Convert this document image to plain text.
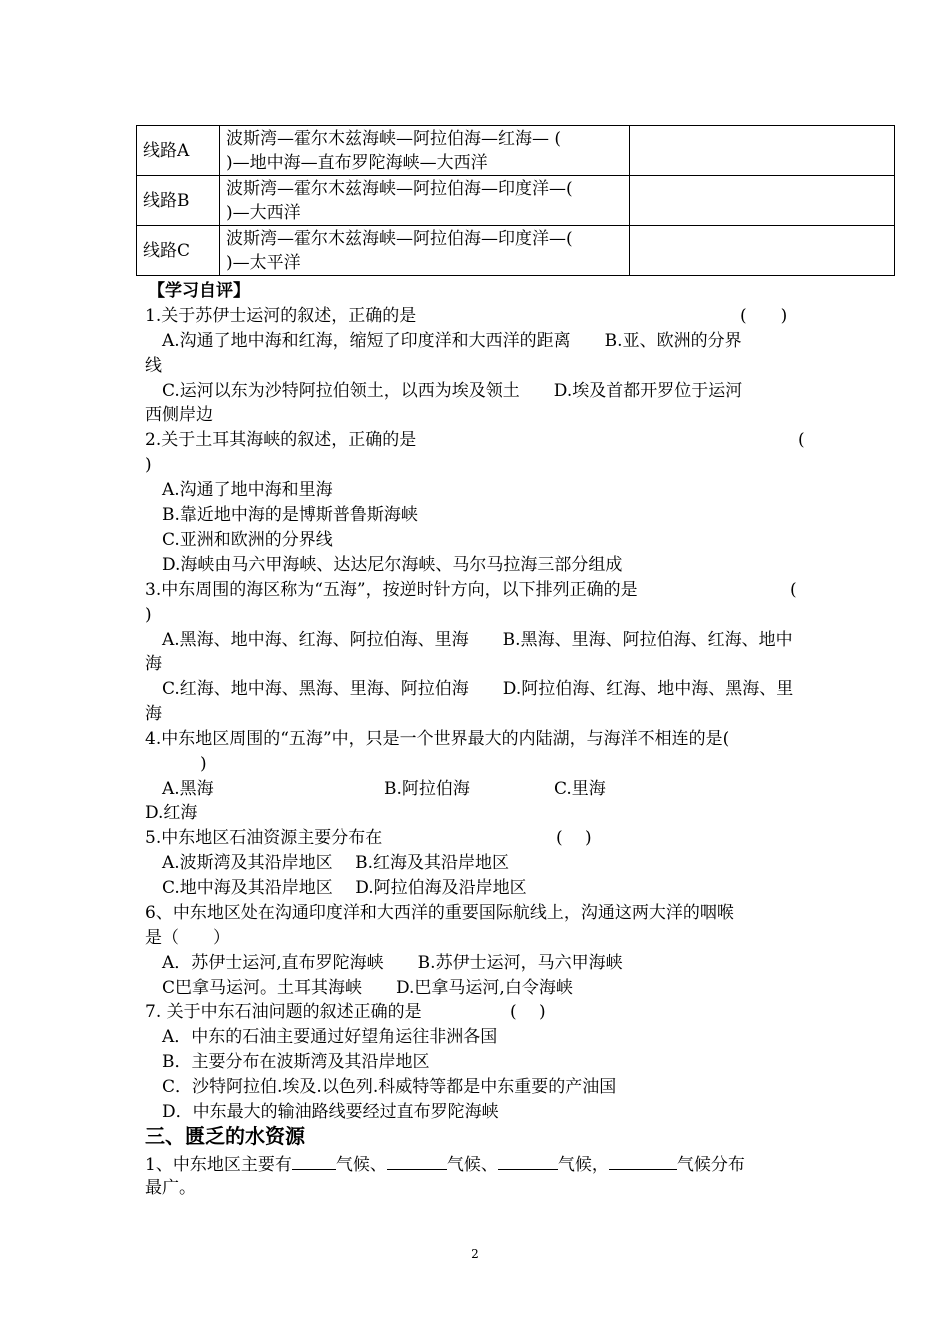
线路A	波斯湾—霍尔木兹海峡—阿拉伯海—红海— (
)—地中海—直布罗陀海峡—大西洋	

线路B	波斯湾—霍尔木兹海峡—阿拉伯海—印度洋—(
)—大西洋	

线路C	波斯湾—霍尔木兹海峡—阿拉伯海—印度洋—(
)—太平洋	

【学习自评】
1.关于苏伊士运河的叙述，正确的是	(　　)
A.沟通了地中海和红海，缩短了印度洋和大西洋的距离　　B.亚、欧洲的分界
线
C.运河以东为沙特阿拉伯领土，以西为埃及领土　　D.埃及首都开罗位于运河
西侧岸边
2.关于土耳其海峡的叙述，正确的是	(
)
A.沟通了地中海和里海
B.靠近地中海的是博斯普鲁斯海峡
C.亚洲和欧洲的分界线
D.海峡由马六甲海峡、达达尼尔海峡、马尔马拉海三部分组成
3.中东周围的海区称为“五海”，按逆时针方向，以下排列正确的是	(
)
A.黑海、地中海、红海、阿拉伯海、里海　　B.黑海、里海、阿拉伯海、红海、地中
海
C.红海、地中海、黑海、里海、阿拉伯海　　D.阿拉伯海、红海、地中海、黑海、里
海
4.中东地区周围的“五海”中，只是一个世界最大的内陆湖，与海洋不相连的是(
)
A.黑海	B.阿拉伯海	C.里海
D.红海
5.中东地区石油资源主要分布在	(　 )
A.波斯湾及其沿岸地区　 B.红海及其沿岸地区
C.地中海及其沿岸地区　 D.阿拉伯海及沿岸地区
6、中东地区处在沟通印度洋和大西洋的重要国际航线上，沟通这两大洋的咽喉
是（　　）
A．苏伊士运河,直布罗陀海峡　　B.苏伊士运河，马六甲海峡
C巴拿马运河。土耳其海峡　　D.巴拿马运河,白令海峡
7. 关于中东石油问题的叙述正确的是	(　 )
A．中东的石油主要通过好望角运往非洲各国
B．主要分布在波斯湾及其沿岸地区
C．沙特阿拉伯.埃及.以色列.科威特等都是中东重要的产油国
D．中东最大的输油路线要经过直布罗陀海峡
三、匮乏的水资源
1、中东地区主要有	气候、	气候、	气候，	气候分布
最广。
2
